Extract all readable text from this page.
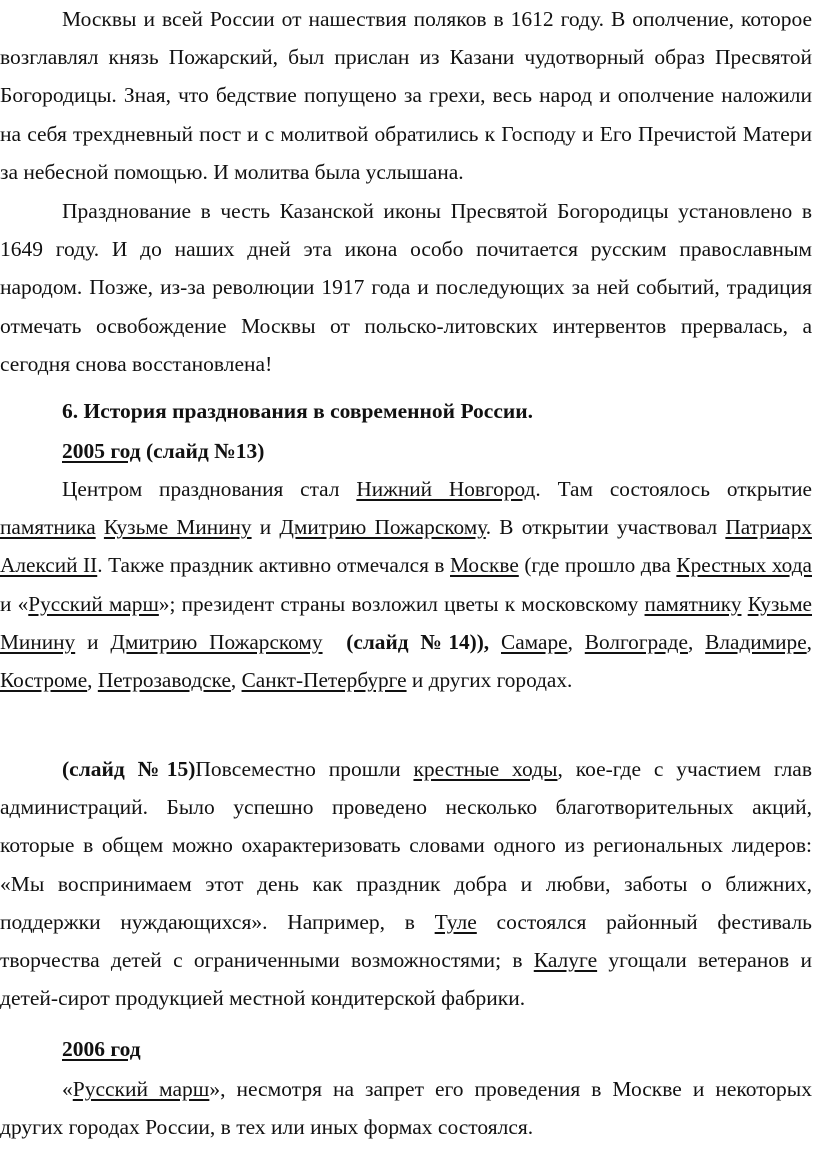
Москвы и всей России от нашествия поляков в 1612 году. В ополчение, которое возглавлял князь Пожарский, был прислан из Казани чудотворный образ Пресвятой Богородицы. Зная, что бедствие попущено за грехи, весь народ и ополчение наложили на себя трехдневный пост и с молитвой обратились к Господу и Его Пречистой Матери за небесной помощью. И молитва была услышана.

Празднование в честь Казанской иконы Пресвятой Богородицы установлено в 1649 году. И до наших дней эта икона особо почитается русским православным народом. Позже, из-за революции 1917 года и последующих за ней событий, традиция отмечать освобождение Москвы от польско-литовских интервентов прервалась, а сегодня снова восстановлена!

6. История празднования в современной России.

2005 год (слайд №13)

Центром празднования стал Нижний Новгород. Там состоялось открытие памятника Кузьме Минину и Дмитрию Пожарскому. В открытии участвовал Патриарх Алексий II. Также праздник активно отмечался в Москве (где прошло два Крестных хода и «Русский марш»; президент страны возложил цветы к московскому памятнику Кузьме Минину и Дмитрию Пожарскому  (слайд №14)), Самаре, Волгограде, Владимире, Костроме, Петрозаводске, Санкт-Петербурге и других городах.

(слайд №15)Повсеместно прошли крестные ходы, кое-где с участием глав администраций. Было успешно проведено несколько благотворительных акций, которые в общем можно охарактеризовать словами одного из региональных лидеров: «Мы воспринимаем этот день как праздник добра и любви, заботы о ближних, поддержки нуждающихся». Например, в Туле состоялся районный фестиваль творчества детей с ограниченными возможностями; в Калуге угощали ветеранов и детей-сирот продукцией местной кондитерской фабрики.

2006 год

«Русский марш», несмотря на запрет его проведения в Москве и некоторых других городах России, в тех или иных формах состоялся.
